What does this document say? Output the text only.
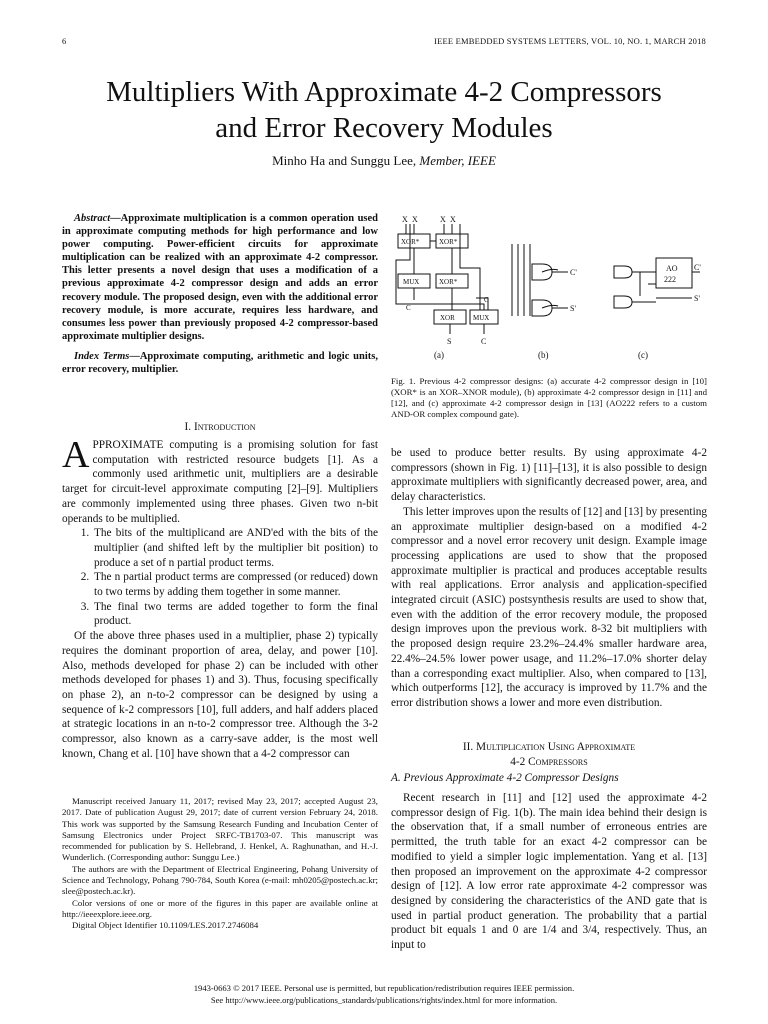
6	IEEE EMBEDDED SYSTEMS LETTERS, VOL. 10, NO. 1, MARCH 2018
Multipliers With Approximate 4-2 Compressors
and Error Recovery Modules
Minho Ha and Sunggu Lee, Member, IEEE

Abstract—Approximate multiplication is a common operation used in approximate computing methods for high performance and low power computing. Power-efficient circuits for approximate multiplication can be realized with an approximate 4-2 compressor. This letter presents a novel design that uses a modification of a previous approximate 4-2 compressor design and adds an error recovery module. The proposed design, even with the additional error recovery module, is more accurate, requires less hardware, and consumes less power than previously proposed 4-2 compressor-based approximate multiplier designs.

Index Terms—Approximate computing, arithmetic and logic units, error recovery, multiplier.

I. Introduction

APPROXIMATE computing is a promising solution for fast computation with restricted resource budgets [1]. As a commonly used arithmetic unit, multipliers are a desirable target for circuit-level approximate computing [2]–[9]. Multipliers are commonly implemented using three phases. Given two n-bit operands to be multiplied.

1. The bits of the multiplicand are AND'ed with the bits of the multiplier (and shifted left by the multiplier bit position) to produce a set of n partial product terms.
2. The n partial product terms are compressed (or reduced) down to two terms by adding them together in some manner.
3. The final two terms are added together to form the final product.

Of the above three phases used in a multiplier, phase 2) typically requires the dominant proportion of area, delay, and power [10]. Also, methods developed for phase 2) can be included with other methods developed for phases 1) and 3). Thus, focusing specifically on phase 2), an n-to-2 compressor can be designed by using a sequence of k-2 compressors [10], full adders, and half adders placed at strategic locations in an n-to-2 compressor tree. Although the 3-2 compressor, also known as a carry-save adder, is the most well known, Chang et al. [10] have shown that a 4-2 compressor can

Manuscript received January 11, 2017; revised May 23, 2017; accepted August 23, 2017. Date of publication August 29, 2017; date of current version February 24, 2018. This work was supported by the Samsung Research Funding and Incubation Center of Samsung Electronics under Project SRFC-TB1703-07. This manuscript was recommended for publication by S. Hellebrand, J. Henkel, A. Raghunathan, and H.-J. Wunderlich. (Corresponding author: Sunggu Lee.)

The authors are with the Department of Electrical Engineering, Pohang University of Science and Technology, Pohang 790-784, South Korea (e-mail: mh0205@postech.ac.kr; slee@postech.ac.kr).

Color versions of one or more of the figures in this paper are available online at http://ieeexplore.ieee.org.

Digital Object Identifier 10.1109/LES.2017.2746084

X X	X X
XOR*	XOR*
MUX	XOR*
XOR	MUX
C
C
S	C
C'
S'
AO
222
C'
S'
(a)	(b)	(c)
Fig. 1. Previous 4-2 compressor designs: (a) accurate 4-2 compressor design in [10] (XOR* is an XOR–XNOR module), (b) approximate 4-2 compressor design in [11] and [12], and (c) approximate 4-2 compressor design in [13] (AO222 refers to a custom AND-OR complex compound gate).

be used to produce better results. By using approximate 4-2 compressors (shown in Fig. 1) [11]–[13], it is also possible to design approximate multipliers with significantly decreased power, area, and delay characteristics.

This letter improves upon the results of [12] and [13] by presenting an approximate multiplier design-based on a modified 4-2 compressor and a novel error recovery unit design. Example image processing applications are used to show that the proposed approximate multiplier is practical and produces acceptable results with real applications. Error analysis and application-specified integrated circuit (ASIC) postsynthesis results are used to show that, even with the addition of the error recovery module, the proposed design improves upon the previous work. 8-32 bit multipliers with the proposed design require 23.2%–24.4% smaller hardware area, 22.4%–24.5% lower power usage, and 11.2%–17.0% shorter delay than a corresponding exact multiplier. Also, when compared to [13], which outperforms [12], the accuracy is improved by 11.7% and the error distribution shows a lower and more even distribution.

II. Multiplication Using Approximate
4-2 Compressors
A. Previous Approximate 4-2 Compressor Designs

Recent research in [11] and [12] used the approximate 4-2 compressor design of Fig. 1(b). The main idea behind their design is the observation that, if a small number of erroneous entries are permitted, the truth table for an exact 4-2 compressor can be modified to yield a simpler logic implementation. Yang et al. [13] then proposed an improvement on the approximate 4-2 compressor design of [12]. A low error rate approximate 4-2 compressor was designed by considering the characteristics of the AND gate that is used in partial product generation. The probability that a partial product bit equals 1 and 0 are 1/4 and 3/4, respectively. Thus, an input to

1943-0663 © 2017 IEEE. Personal use is permitted, but republication/redistribution requires IEEE permission.
See http://www.ieee.org/publications_standards/publications/rights/index.html for more information.
